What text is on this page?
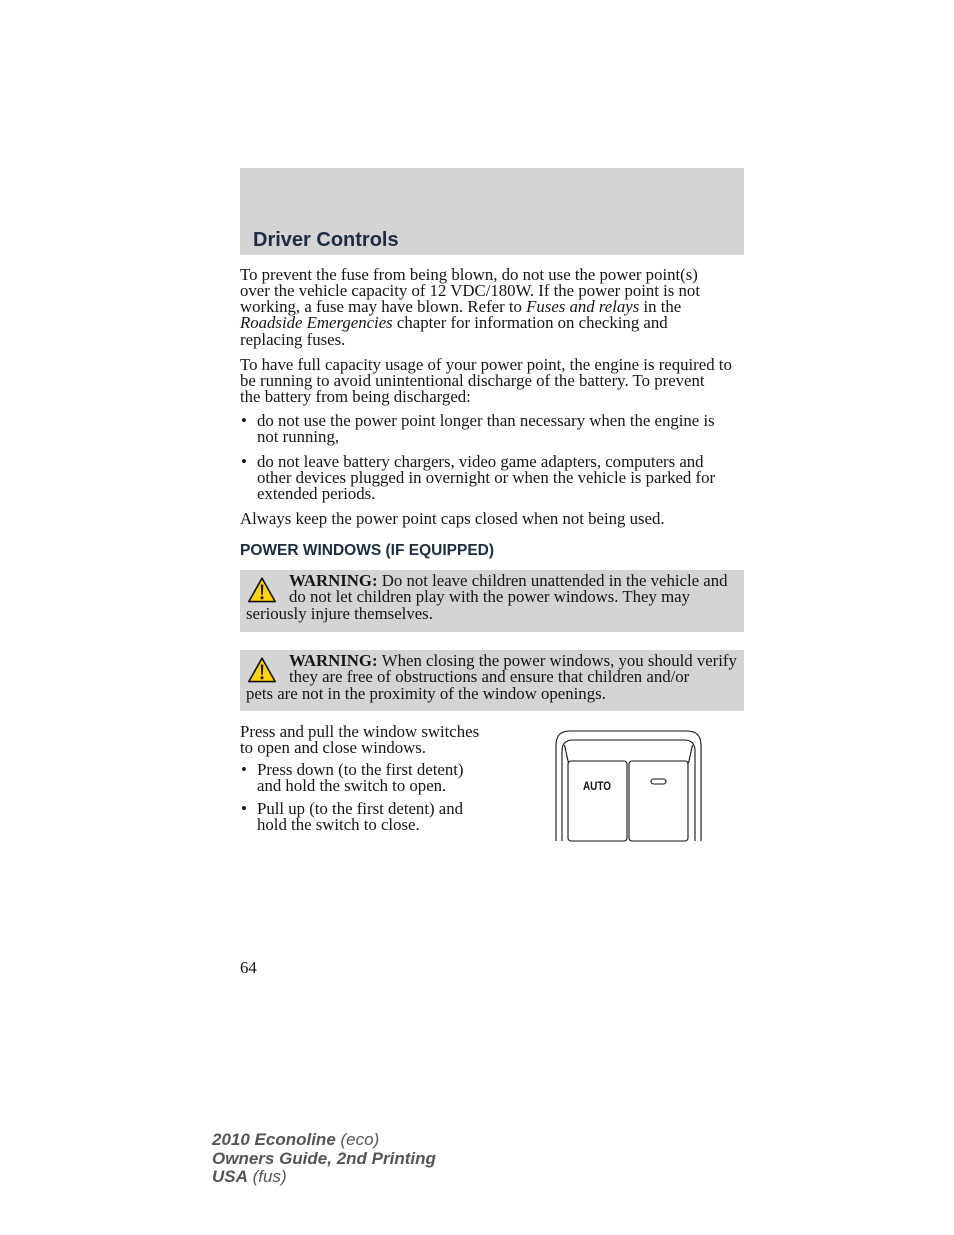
Driver Controls
To prevent the fuse from being blown, do not use the power point(s)
over the vehicle capacity of 12 VDC/180W. If the power point is not
working, a fuse may have blown. Refer to Fuses and relays in the
Roadside Emergencies chapter for information on checking and
replacing fuses.
To have full capacity usage of your power point, the engine is required to
be running to avoid unintentional discharge of the battery. To prevent
the battery from being discharged:
• do not use the power point longer than necessary when the engine is
not running,
• do not leave battery chargers, video game adapters, computers and
other devices plugged in overnight or when the vehicle is parked for
extended periods.
Always keep the power point caps closed when not being used.
POWER WINDOWS (IF EQUIPPED)
WARNING: Do not leave children unattended in the vehicle and
do not let children play with the power windows. They may
seriously injure themselves.
WARNING: When closing the power windows, you should verify
they are free of obstructions and ensure that children and/or
pets are not in the proximity of the window openings.
Press and pull the window switches
to open and close windows.
• Press down (to the first detent)
and hold the switch to open.
• Pull up (to the first detent) and
hold the switch to close.
AUTO
64
2010 Econoline (eco)
Owners Guide, 2nd Printing
USA (fus)
